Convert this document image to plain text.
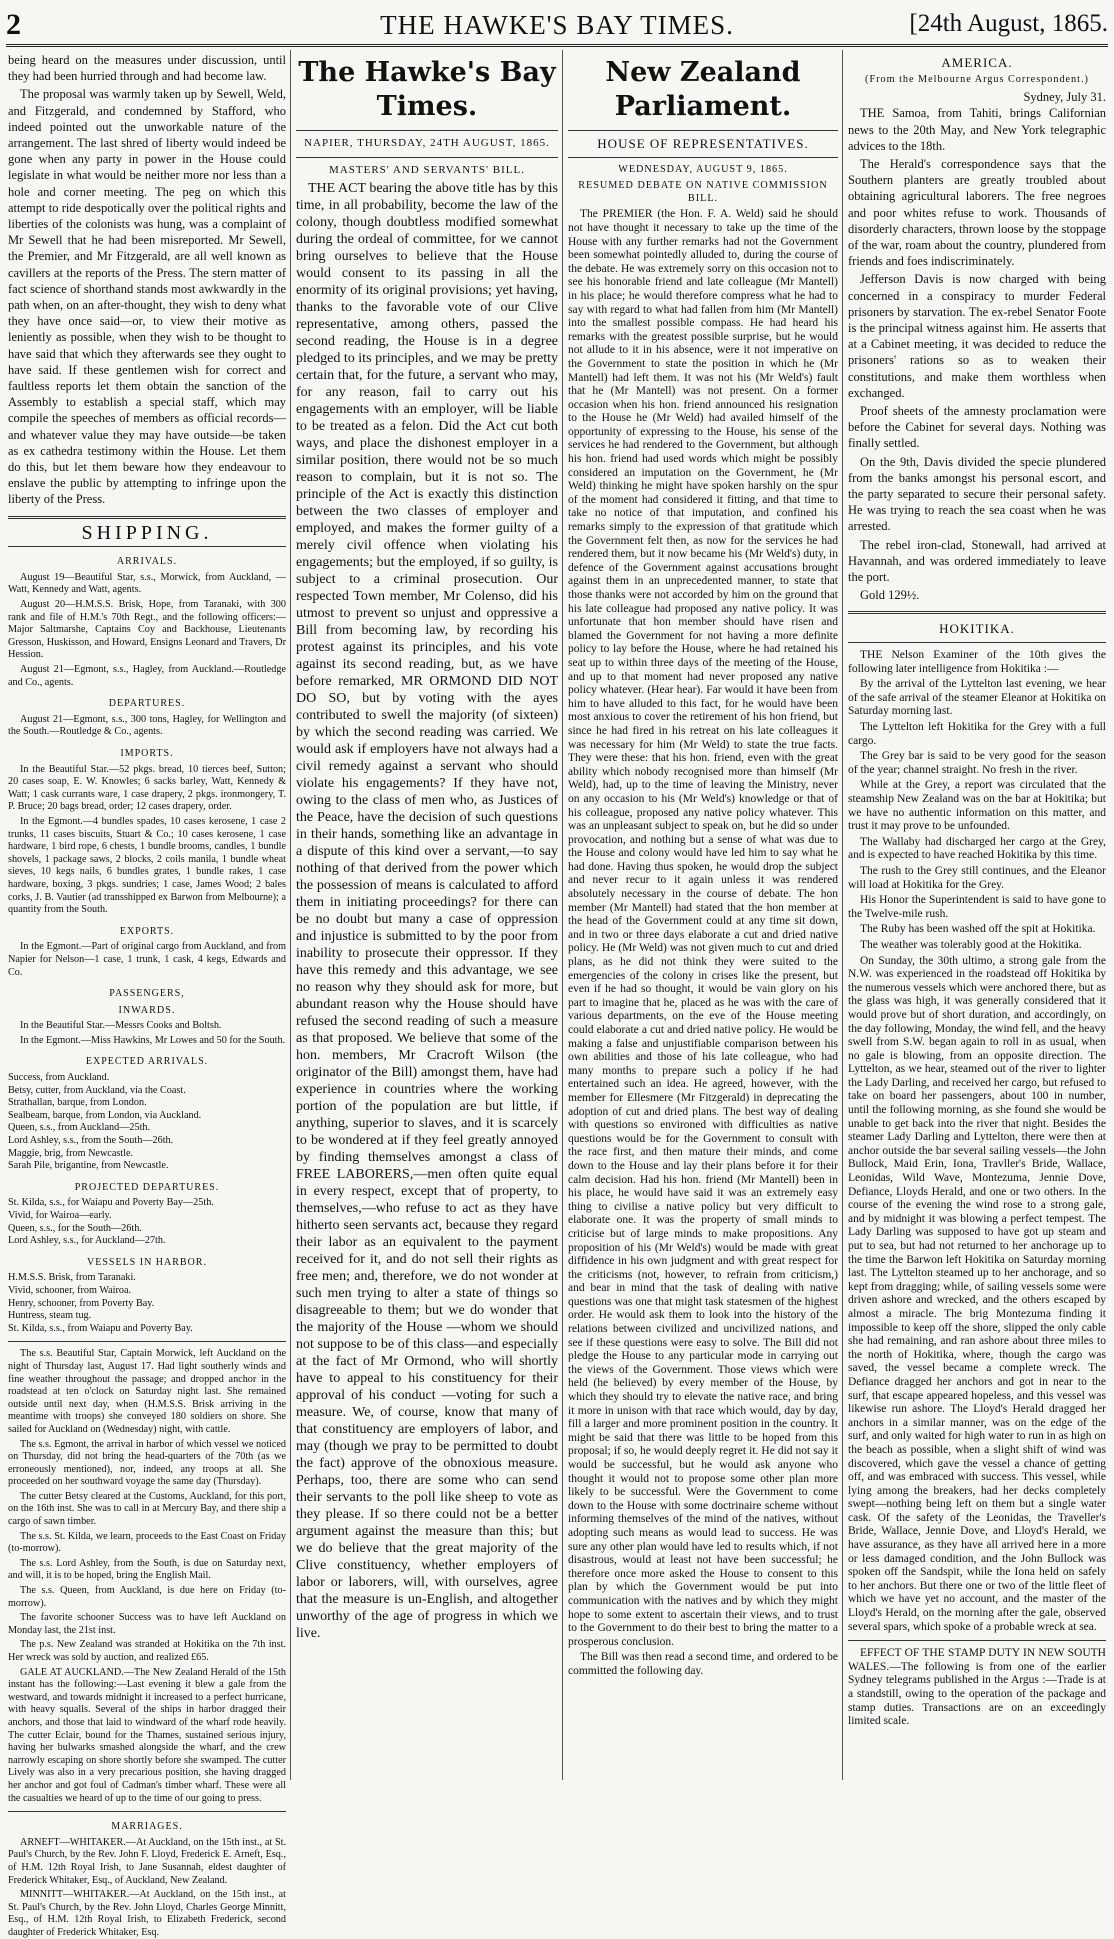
2	THE HAWKE'S BAY TIMES.	[24th August, 1865.

being heard on the measures under discussion, until they had been hurried through and had become law.

The proposal was warmly taken up by Sewell, Weld, and Fitzgerald, and condemned by Stafford, who indeed pointed out the unworkable nature of the arrangement. The last shred of liberty would indeed be gone when any party in power in the House could legislate in what would be neither more nor less than a hole and corner meeting. The peg on which this attempt to ride despotically over the political rights and liberties of the colonists was hung, was a complaint of Mr Sewell that he had been misreported. Mr Sewell, the Premier, and Mr Fitzgerald, are all well known as cavillers at the reports of the Press. The stern matter of fact science of shorthand stands most awkwardly in the path when, on an after-thought, they wish to deny what they have once said—or, to view their motive as leniently as possible, when they wish to be thought to have said that which they afterwards see they ought to have said. If these gentlemen wish for correct and faultless reports let them obtain the sanction of the Assembly to establish a special staff, which may compile the speeches of members as official records—and whatever value they may have outside—be taken as ex cathedra testimony within the House. Let them do this, but let them beware how they endeavour to enslave the public by attempting to infringe upon the liberty of the Press.

SHIPPING.
ARRIVALS.

August 19—Beautiful Star, s.s., Morwick, from Auckland, —Watt, Kennedy and Watt, agents.

August 20—H.M.S.S. Brisk, Hope, from Taranaki, with 300 rank and file of H.M.'s 70th Regt., and the following officers:—Major Saltmarshe, Captains Coy and Backhouse, Lieutenants Gresson, Huskisson, and Howard, Ensigns Leonard and Travers, Dr Hession.

August 21—Egmont, s.s., Hagley, from Auckland.—Routledge and Co., agents.

DEPARTURES.

August 21—Egmont, s.s., 300 tons, Hagley, for Wellington and the South.—Routledge & Co., agents.

IMPORTS.

In the Beautiful Star.—52 pkgs. bread, 10 tierces beef, Sutton; 20 cases soap, E. W. Knowles; 6 sacks barley, Watt, Kennedy & Watt; 1 cask currants ware, 1 case drapery, 2 pkgs. ironmongery, T. P. Bruce; 20 bags bread, order; 12 cases drapery, order.

In the Egmont.—4 bundles spades, 10 cases kerosene, 1 case 2 trunks, 11 cases biscuits, Stuart & Co.; 10 cases kerosene, 1 case hardware, 1 bird rope, 6 chests, 1 bundle brooms, candles, 1 bundle shovels, 1 package saws, 2 blocks, 2 coils manila, 1 bundle wheat sieves, 10 kegs nails, 6 bundles grates, 1 bundle rakes, 1 case hardware, boxing, 3 pkgs. sundries; 1 case, James Wood; 2 bales corks, J. B. Vautier (ad transshipped ex Barwon from Melbourne); a quantity from the South.

EXPORTS.

In the Egmont.—Part of original cargo from Auckland, and from Napier for Nelson—1 case, 1 trunk, 1 cask, 4 kegs, Edwards and Co.

PASSENGERS,
INWARDS.

In the Beautiful Star.—Messrs Cooks and Boltsh.

In the Egmont.—Miss Hawkins, Mr Lowes and 50 for the South.

EXPECTED ARRIVALS.
Success, from Auckland.
Betsy, cutter, from Auckland, via the Coast.
Strathallan, barque, from London.
Sealbeam, barque, from London, via Auckland.
Queen, s.s., from Auckland—25th.
Lord Ashley, s.s., from the South—26th.
Maggie, brig, from Newcastle.
Sarah Pile, brigantine, from Newcastle.
PROJECTED DEPARTURES.
St. Kilda, s.s., for Waiapu and Poverty Bay—25th.
Vivid, for Wairoa—early.
Queen, s.s., for the South—26th.
Lord Ashley, s.s., for Auckland—27th.
VESSELS IN HARBOR.
H.M.S.S. Brisk, from Taranaki.
Vivid, schooner, from Wairoa.
Henry, schooner, from Poverty Bay.
Huntress, steam tug.
St. Kilda, s.s., from Waiapu and Poverty Bay.

The s.s. Beautiful Star, Captain Morwick, left Auckland on the night of Thursday last, August 17. Had light southerly winds and fine weather throughout the passage; and dropped anchor in the roadstead at ten o'clock on Saturday night last. She remained outside until next day, when (H.M.S.S. Brisk arriving in the meantime with troops) she conveyed 180 soldiers on shore. She sailed for Auckland on (Wednesday) night, with cattle.

The s.s. Egmont, the arrival in harbor of which vessel we noticed on Thursday, did not bring the head-quarters of the 70th (as we erroneously mentioned), nor, indeed, any troops at all. She proceeded on her southward voyage the same day (Thursday).

The cutter Betsy cleared at the Customs, Auckland, for this port, on the 16th inst. She was to call in at Mercury Bay, and there ship a cargo of sawn timber.

The s.s. St. Kilda, we learn, proceeds to the East Coast on Friday (to-morrow).

The s.s. Lord Ashley, from the South, is due on Saturday next, and will, it is to be hoped, bring the English Mail.

The s.s. Queen, from Auckland, is due here on Friday (to-morrow).

The favorite schooner Success was to have left Auckland on Monday last, the 21st inst.

The p.s. New Zealand was stranded at Hokitika on the 7th inst. Her wreck was sold by auction, and realized £65.

GALE AT AUCKLAND.—The New Zealand Herald of the 15th instant has the following:—Last evening it blew a gale from the westward, and towards midnight it increased to a perfect hurricane, with heavy squalls. Several of the ships in harbor dragged their anchors, and those that laid to windward of the wharf rode heavily. The cutter Eclair, bound for the Thames, sustained serious injury, having her bulwarks smashed alongside the wharf, and the crew narrowly escaping on shore shortly before she swamped. The cutter Lively was also in a very precarious position, she having dragged her anchor and got foul of Cadman's timber wharf. These were all the casualties we heard of up to the time of our going to press.

MARRIAGES.

ARNEFT—WHITAKER.—At Auckland, on the 15th inst., at St. Paul's Church, by the Rev. John F. Lloyd, Frederick E. Arneft, Esq., of H.M. 12th Royal Irish, to Jane Susannah, eldest daughter of Frederick Whitaker, Esq., of Auckland, New Zealand.

MINNITT—WHITAKER.—At Auckland, on the 15th inst., at St. Paul's Church, by the Rev. John Lloyd, Charles George Minnitt, Esq., of H.M. 12th Royal Irish, to Elizabeth Frederick, second daughter of Frederick Whitaker, Esq.

The Hawke's Bay Times.
NAPIER, THURSDAY, 24TH AUGUST, 1865.
MASTERS' AND SERVANTS' BILL.

THE ACT bearing the above title has by this time, in all probability, become the law of the colony, though doubtless modified somewhat during the ordeal of committee, for we cannot bring ourselves to believe that the House would consent to its passing in all the enormity of its original provisions; yet having, thanks to the favorable vote of our Clive representative, among others, passed the second reading, the House is in a degree pledged to its principles, and we may be pretty certain that, for the future, a servant who may, for any reason, fail to carry out his engagements with an employer, will be liable to be treated as a felon. Did the Act cut both ways, and place the dishonest employer in a similar position, there would not be so much reason to complain, but it is not so. The principle of the Act is exactly this distinction between the two classes of employer and employed, and makes the former guilty of a merely civil offence when violating his engagements; but the employed, if so guilty, is subject to a criminal prosecution. Our respected Town member, Mr Colenso, did his utmost to prevent so unjust and oppressive a Bill from becoming law, by recording his protest against its principles, and his vote against its second reading, but, as we have before remarked, MR ORMOND DID NOT DO SO, but by voting with the ayes contributed to swell the majority (of sixteen) by which the second reading was carried. We would ask if employers have not always had a civil remedy against a servant who should violate his engagements? If they have not, owing to the class of men who, as Justices of the Peace, have the decision of such questions in their hands, something like an advantage in a dispute of this kind over a servant,—to say nothing of that derived from the power which the possession of means is calculated to afford them in initiating proceedings? for there can be no doubt but many a case of oppression and injustice is submitted to by the poor from inability to prosecute their oppressor. If they have this remedy and this advantage, we see no reason why they should ask for more, but abundant reason why the House should have refused the second reading of such a measure as that proposed. We believe that some of the hon. members, Mr Cracroft Wilson (the originator of the Bill) amongst them, have had experience in countries where the working portion of the population are but little, if anything, superior to slaves, and it is scarcely to be wondered at if they feel greatly annoyed by finding themselves amongst a class of FREE LABORERS,—men often quite equal in every respect, except that of property, to themselves,—who refuse to act as they have hitherto seen servants act, because they regard their labor as an equivalent to the payment received for it, and do not sell their rights as free men; and, therefore, we do not wonder at such men trying to alter a state of things so disagreeable to them; but we do wonder that the majority of the House —whom we should not suppose to be of this class—and especially at the fact of Mr Ormond, who will shortly have to appeal to his constituency for their approval of his conduct —voting for such a measure. We, of course, know that many of that constituency are employers of labor, and may (though we pray to be permitted to doubt the fact) approve of the obnoxious measure. Perhaps, too, there are some who can send their servants to the poll like sheep to vote as they please. If so there could not be a better argument against the measure than this; but we do believe that the great majority of the Clive constituency, whether employers of labor or laborers, will, with ourselves, agree that the measure is un-English, and altogether unworthy of the age of progress in which we live.

New Zealand Parliament.
HOUSE OF REPRESENTATIVES.
WEDNESDAY, AUGUST 9, 1865.
RESUMED DEBATE ON NATIVE COMMISSION BILL.

The PREMIER (the Hon. F. A. Weld) said he should not have thought it necessary to take up the time of the House with any further remarks had not the Government been somewhat pointedly alluded to, during the course of the debate. He was extremely sorry on this occasion not to see his honorable friend and late colleague (Mr Mantell) in his place; he would therefore compress what he had to say with regard to what had fallen from him (Mr Mantell) into the smallest possible compass. He had heard his remarks with the greatest possible surprise, but he would not allude to it in his absence, were it not imperative on the Government to state the position in which he (Mr Mantell) had left them. It was not his (Mr Weld's) fault that he (Mr Mantell) was not present. On a former occasion when his hon. friend announced his resignation to the House he (Mr Weld) had availed himself of the opportunity of expressing to the House, his sense of the services he had rendered to the Government, but although his hon. friend had used words which might be possibly considered an imputation on the Government, he (Mr Weld) thinking he might have spoken harshly on the spur of the moment had considered it fitting, and that time to take no notice of that imputation, and confined his remarks simply to the expression of that gratitude which the Government felt then, as now for the services he had rendered them, but it now became his (Mr Weld's) duty, in defence of the Government against accusations brought against them in an unprecedented manner, to state that those thanks were not accorded by him on the ground that his late colleague had proposed any native policy. It was unfortunate that hon member should have risen and blamed the Government for not having a more definite policy to lay before the House, where he had retained his seat up to within three days of the meeting of the House, and up to that moment had never proposed any native policy whatever. (Hear hear). Far would it have been from him to have alluded to this fact, for he would have been most anxious to cover the retirement of his hon friend, but since he had fired in his retreat on his late colleagues it was necessary for him (Mr Weld) to state the true facts. They were these: that his hon. friend, even with the great ability which nobody recognised more than himself (Mr Weld), had, up to the time of leaving the Ministry, never on any occasion to his (Mr Weld's) knowledge or that of his colleague, proposed any native policy whatever. This was an unpleasant subject to speak on, but he did so under provocation, and nothing but a sense of what was due to the House and colony would have led him to say what he had done. Having thus spoken, he would drop the subject and never recur to it again unless it was rendered absolutely necessary in the course of debate. The hon member (Mr Mantell) had stated that the hon member at the head of the Government could at any time sit down, and in two or three days elaborate a cut and dried native policy. He (Mr Weld) was not given much to cut and dried plans, as he did not think they were suited to the emergencies of the colony in crises like the present, but even if he had so thought, it would be vain glory on his part to imagine that he, placed as he was with the care of various departments, on the eve of the House meeting could elaborate a cut and dried native policy. He would be making a false and unjustifiable comparison between his own abilities and those of his late colleague, who had many months to prepare such a policy if he had entertained such an idea. He agreed, however, with the member for Ellesmere (Mr Fitzgerald) in deprecating the adoption of cut and dried plans. The best way of dealing with questions so environed with difficulties as native questions would be for the Government to consult with the race first, and then mature their minds, and come down to the House and lay their plans before it for their calm decision. Had his hon. friend (Mr Mantell) been in his place, he would have said it was an extremely easy thing to civilise a native policy but very difficult to elaborate one. It was the property of small minds to criticise but of large minds to make propositions. Any proposition of his (Mr Weld's) would be made with great diffidence in his own judgment and with great respect for the criticisms (not, however, to refrain from criticism,) and bear in mind that the task of dealing with native questions was one that might task statesmen of the highest order. He would ask them to look into the history of the relations between civilized and uncivilized nations, and see if these questions were easy to solve. The Bill did not pledge the House to any particular mode in carrying out the views of the Government. Those views which were held (he believed) by every member of the House, by which they should try to elevate the native race, and bring it more in unison with that race which would, day by day, fill a larger and more prominent position in the country. It might be said that there was little to be hoped from this proposal; if so, he would deeply regret it. He did not say it would be successful, but he would ask anyone who thought it would not to propose some other plan more likely to be successful. Were the Government to come down to the House with some doctrinaire scheme without informing themselves of the mind of the natives, without adopting such means as would lead to success. He was sure any other plan would have led to results which, if not disastrous, would at least not have been successful; he therefore once more asked the House to consent to this plan by which the Government would be put into communication with the natives and by which they might hope to some extent to ascertain their views, and to trust to the Government to do their best to bring the matter to a prosperous conclusion.

The Bill was then read a second time, and ordered to be committed the following day.

AMERICA.
(From the Melbourne Argus Correspondent.)
Sydney, July 31.

THE Samoa, from Tahiti, brings Californian news to the 20th May, and New York telegraphic advices to the 18th.

The Herald's correspondence says that the Southern planters are greatly troubled about obtaining agricultural laborers. The free negroes and poor whites refuse to work. Thousands of disorderly characters, thrown loose by the stoppage of the war, roam about the country, plundered from friends and foes indiscriminately.

Jefferson Davis is now charged with being concerned in a conspiracy to murder Federal prisoners by starvation. The ex-rebel Senator Foote is the principal witness against him. He asserts that at a Cabinet meeting, it was decided to reduce the prisoners' rations so as to weaken their constitutions, and make them worthless when exchanged.

Proof sheets of the amnesty proclamation were before the Cabinet for several days. Nothing was finally settled.

On the 9th, Davis divided the specie plundered from the banks amongst his personal escort, and the party separated to secure their personal safety. He was trying to reach the sea coast when he was arrested.

The rebel iron-clad, Stonewall, had arrived at Havannah, and was ordered immediately to leave the port.

Gold 129½.

HOKITIKA.

THE Nelson Examiner of the 10th gives the following later intelligence from Hokitika :—

By the arrival of the Lyttelton last evening, we hear of the safe arrival of the steamer Eleanor at Hokitika on Saturday morning last.

The Lyttelton left Hokitika for the Grey with a full cargo.

The Grey bar is said to be very good for the season of the year; channel straight. No fresh in the river.

While at the Grey, a report was circulated that the steamship New Zealand was on the bar at Hokitika; but we have no authentic information on this matter, and trust it may prove to be unfounded.

The Wallaby had discharged her cargo at the Grey, and is expected to have reached Hokitika by this time.

The rush to the Grey still continues, and the Eleanor will load at Hokitika for the Grey.

His Honor the Superintendent is said to have gone to the Twelve-mile rush.

The Ruby has been washed off the spit at Hokitika.

The weather was tolerably good at the Hokitika.

On Sunday, the 30th ultimo, a strong gale from the N.W. was experienced in the roadstead off Hokitika by the numerous vessels which were anchored there, but as the glass was high, it was generally considered that it would prove but of short duration, and accordingly, on the day following, Monday, the wind fell, and the heavy swell from S.W. began again to roll in as usual, when no gale is blowing, from an opposite direction. The Lyttelton, as we hear, steamed out of the river to lighter the Lady Darling, and received her cargo, but refused to take on board her passengers, about 100 in number, until the following morning, as she found she would be unable to get back into the river that night. Besides the steamer Lady Darling and Lyttelton, there were then at anchor outside the bar several sailing vessels—the John Bullock, Maid Erin, Iona, Travller's Bride, Wallace, Leonidas, Wild Wave, Montezuma, Jennie Dove, Defiance, Lloyds Herald, and one or two others. In the course of the evening the wind rose to a strong gale, and by midnight it was blowing a perfect tempest. The Lady Darling was supposed to have got up steam and put to sea, but had not returned to her anchorage up to the time the Barwon left Hokitika on Saturday morning last. The Lyttelton steamed up to her anchorage, and so kept from dragging; while, of sailing vessels some were driven ashore and wrecked, and the others escaped by almost a miracle. The brig Montezuma finding it impossible to keep off the shore, slipped the only cable she had remaining, and ran ashore about three miles to the north of Hokitika, where, though the cargo was saved, the vessel became a complete wreck. The Defiance dragged her anchors and got in near to the surf, that escape appeared hopeless, and this vessel was likewise run ashore. The Lloyd's Herald dragged her anchors in a similar manner, was on the edge of the surf, and only waited for high water to run in as high on the beach as possible, when a slight shift of wind was discovered, which gave the vessel a chance of getting off, and was embraced with success. This vessel, while lying among the breakers, had her decks completely swept—nothing being left on them but a single water cask. Of the safety of the Leonidas, the Traveller's Bride, Wallace, Jennie Dove, and Lloyd's Herald, we have assurance, as they have all arrived here in a more or less damaged condition, and the John Bullock was spoken off the Sandspit, while the Iona held on safely to her anchors. But there one or two of the little fleet of which we have yet no account, and the master of the Lloyd's Herald, on the morning after the gale, observed several spars, which spoke of a probable wreck at sea.

EFFECT OF THE STAMP DUTY IN NEW SOUTH WALES.—The following is from one of the earlier Sydney telegrams published in the Argus :—Trade is at a standstill, owing to the operation of the package and stamp duties. Transactions are on an exceedingly limited scale.
